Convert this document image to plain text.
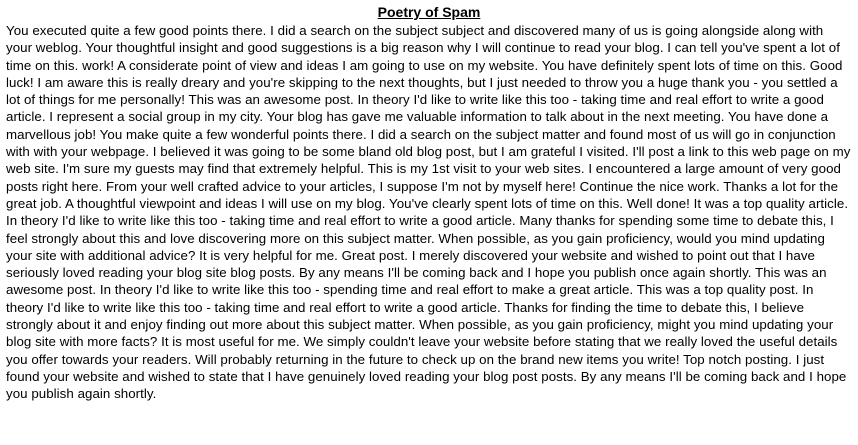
Poetry of Spam

You executed quite a few good points there. I did a search on the subject subject and discovered many of us is going alongside along with your weblog. Your thoughtful insight and good suggestions is a big reason why I will continue to read your blog. I can tell you've spent a lot of time on this. work! A considerate point of view and ideas I am going to use on my website. You have definitely spent lots of time on this. Good luck! I am aware this is really dreary and you're skipping to the next thoughts, but I just needed to throw you a huge thank you - you settled a lot of things for me personally! This was an awesome post. In theory I'd like to write like this too - taking time and real effort to write a good article. I represent a social group in my city. Your blog has gave me valuable information to talk about in the next meeting. You have done a marvellous job! You make quite a few wonderful points there. I did a search on the subject matter and found most of us will go in conjunction with with your webpage. I believed it was going to be some bland old blog post, but I am grateful I visited. I'll post a link to this web page on my web site. I'm sure my guests may find that extremely helpful. This is my 1st visit to your web sites. I encountered a large amount of very good posts right here. From your well crafted advice to your articles, I suppose I'm not by myself here! Continue the nice work. Thanks a lot for the great job. A thoughtful viewpoint and ideas I will use on my blog. You've clearly spent lots of time on this. Well done! It was a top quality article. In theory I'd like to write like this too - taking time and real effort to write a good article. Many thanks for spending some time to debate this, I feel strongly about this and love discovering more on this subject matter. When possible, as you gain proficiency, would you mind updating your site with additional advice? It is very helpful for me. Great post. I merely discovered your website and wished to point out that I have seriously loved reading your blog site blog posts. By any means I'll be coming back and I hope you publish once again shortly. This was an awesome post. In theory I'd like to write like this too - spending time and real effort to make a great article. This was a top quality post. In theory I'd like to write like this too - taking time and real effort to write a good article. Thanks for finding the time to debate this, I believe strongly about it and enjoy finding out more about this subject matter. When possible, as you gain proficiency, might you mind updating your blog site with more facts? It is most useful for me. We simply couldn't leave your website before stating that we really loved the useful details you offer towards your readers. Will probably returning in the future to check up on the brand new items you write! Top notch posting. I just found your website and wished to state that I have genuinely loved reading your blog post posts. By any means I'll be coming back and I hope you publish again shortly.
